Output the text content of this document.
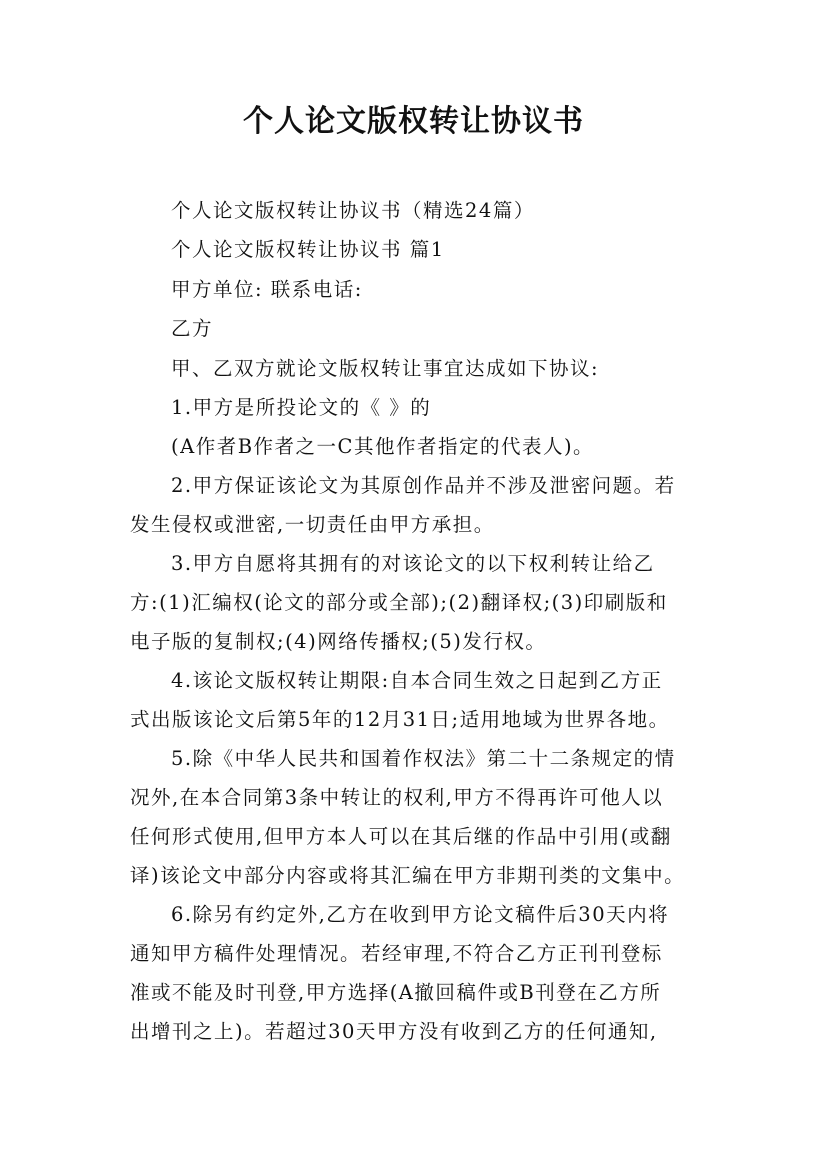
个人论文版权转让协议书
个人论文版权转让协议书（精选24篇）
个人论文版权转让协议书 篇1
甲方单位: 联系电话:
乙方
甲、乙双方就论文版权转让事宜达成如下协议:
1.甲方是所投论文的《 》的
(A作者B作者之一C其他作者指定的代表人)。
2.甲方保证该论文为其原创作品并不涉及泄密问题。若
发生侵权或泄密,一切责任由甲方承担。
3.甲方自愿将其拥有的对该论文的以下权利转让给乙
方:(1)汇编权(论文的部分或全部);(2)翻译权;(3)印刷版和
电子版的复制权;(4)网络传播权;(5)发行权。
4.该论文版权转让期限:自本合同生效之日起到乙方正
式出版该论文后第5年的12月31日;适用地域为世界各地。
5.除《中华人民共和国着作权法》第二十二条规定的情
况外,在本合同第3条中转让的权利,甲方不得再许可他人以
任何形式使用,但甲方本人可以在其后继的作品中引用(或翻
译)该论文中部分内容或将其汇编在甲方非期刊类的文集中。
6.除另有约定外,乙方在收到甲方论文稿件后30天内将
通知甲方稿件处理情况。若经审理,不符合乙方正刊刊登标
准或不能及时刊登,甲方选择(A撤回稿件或B刊登在乙方所
出增刊之上)。若超过30天甲方没有收到乙方的任何通知,
